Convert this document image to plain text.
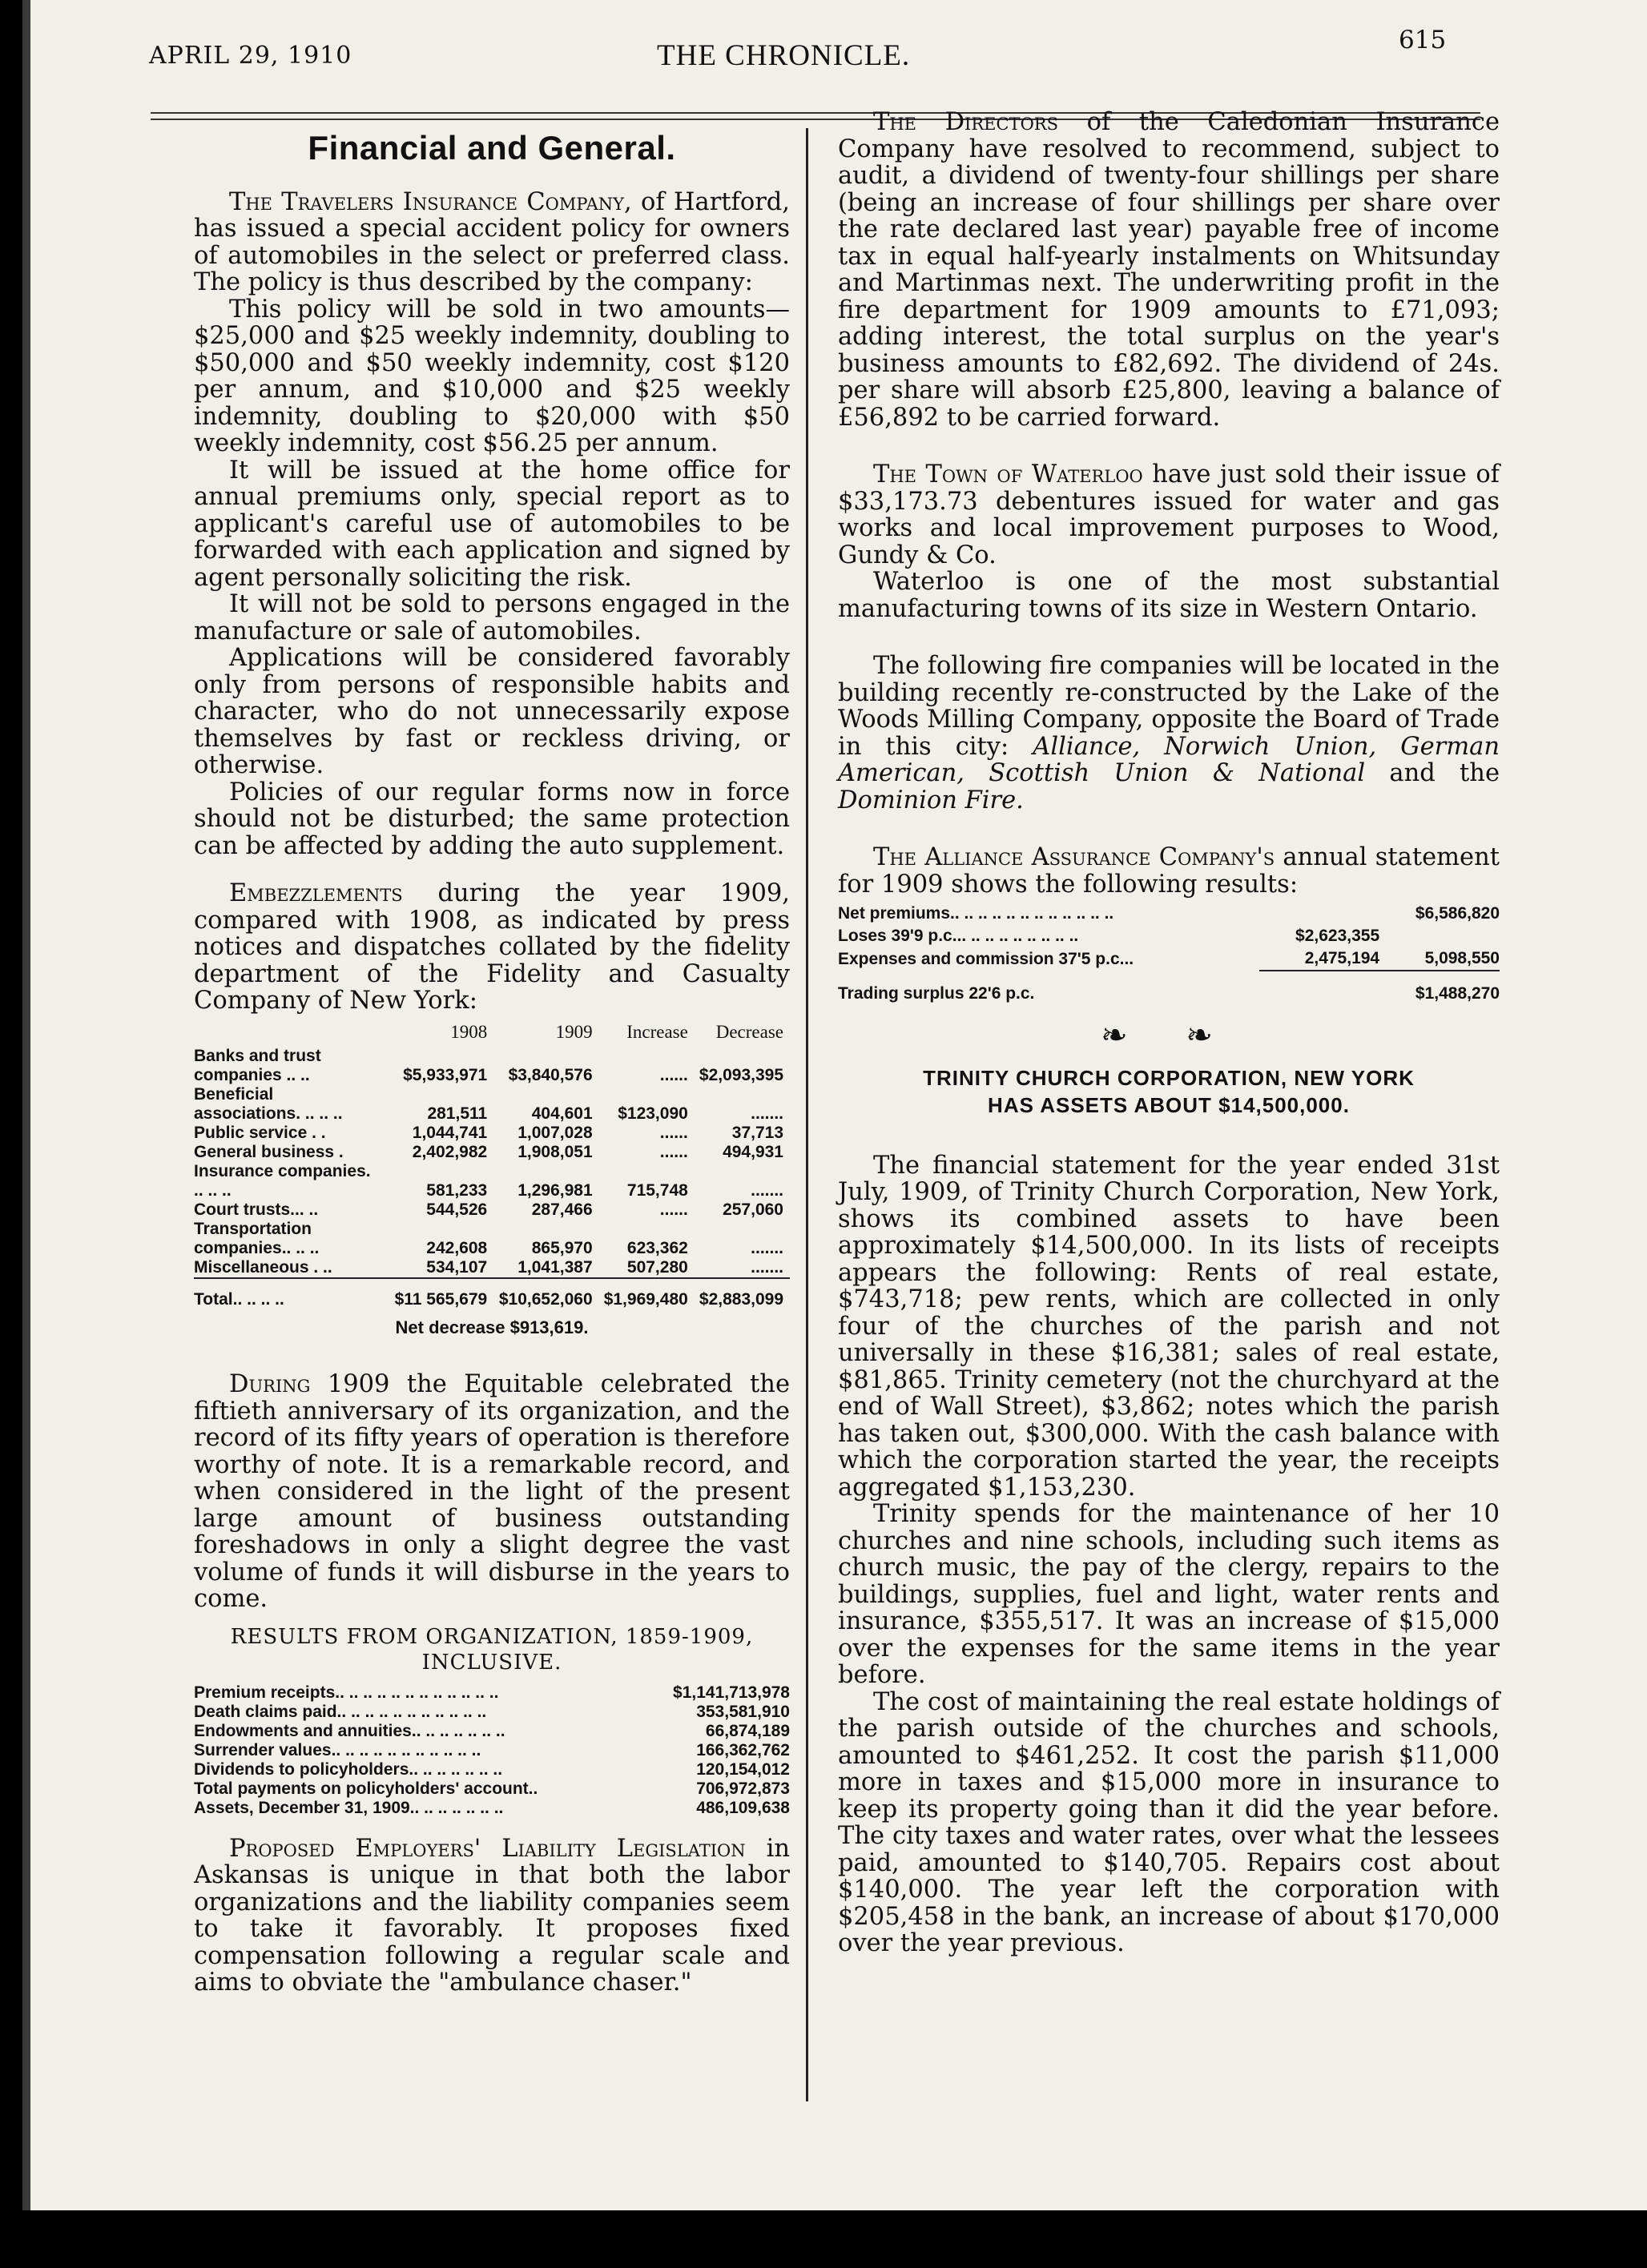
APRIL 29, 1910	THE CHRONICLE.	615

Financial and General.

The Travelers Insurance Company, of Hartford, has issued a special accident policy for owners of automobiles in the select or preferred class. The policy is thus described by the company:

This policy will be sold in two amounts—$25,000 and $25 weekly indemnity, doubling to $50,000 and $50 weekly indemnity, cost $120 per annum, and $10,000 and $25 weekly indemnity, doubling to $20,000 with $50 weekly indemnity, cost $56.25 per annum.

It will be issued at the home office for annual premiums only, special report as to applicant's careful use of automobiles to be forwarded with each application and signed by agent personally soliciting the risk.

It will not be sold to persons engaged in the manufacture or sale of automobiles.

Applications will be considered favorably only from persons of responsible habits and character, who do not unnecessarily expose themselves by fast or reckless driving, or otherwise.

Policies of our regular forms now in force should not be disturbed; the same protection can be affected by adding the auto supplement.

Embezzlements during the year 1909, compared with 1908, as indicated by press notices and dispatches collated by the fidelity department of the Fidelity and Casualty Company of New York:

	1908	1909	Increase	Decrease
Banks and trust companies .. ..	$5,933,971	$3,840,576	......	$2,093,395
Beneficial associations. .. .. ..	281,511	404,601	$123,090	.......
Public service . .	1,044,741	1,007,028	......	37,713
General business .	2,402,982	1,908,051	......	494,931
Insurance companies. .. .. ..	581,233	1,296,981	715,748	.......
Court trusts... ..	544,526	287,466	......	257,060
Transportation companies.. .. ..	242,608	865,970	623,362	.......
Miscellaneous . ..	534,107	1,041,387	507,280	.......
Total.. .. .. ..	$11 565,679	$10,652,060	$1,969,480	$2,883,099

Net decrease $913,619.

During 1909 the Equitable celebrated the fiftieth anniversary of its organization, and the record of its fifty years of operation is therefore worthy of note. It is a remarkable record, and when considered in the light of the present large amount of business outstanding foreshadows in only a slight degree the vast volume of funds it will disburse in the years to come.

RESULTS FROM ORGANIZATION, 1859-1909,
INCLUSIVE.

Premium receipts.. .. .. .. .. .. .. .. .. .. .. ..	$1,141,713,978
Death claims paid.. .. .. .. .. .. .. .. .. .. ..	353,581,910
Endowments and annuities.. .. .. .. .. .. ..	66,874,189
Surrender values.. .. .. .. .. .. .. .. .. .. ..	166,362,762
Dividends to policyholders.. .. .. .. .. .. ..	120,154,012
Total payments on policyholders' account..	706,972,873
Assets, December 31, 1909.. .. .. .. .. .. ..	486,109,638

Proposed Employers' Liability Legislation in Askansas is unique in that both the labor organizations and the liability companies seem to take it favorably. It proposes fixed compensation following a regular scale and aims to obviate the "ambulance chaser."

The Directors of the Caledonian Insurance Company have resolved to recommend, subject to audit, a dividend of twenty-four shillings per share (being an increase of four shillings per share over the rate declared last year) payable free of income tax in equal half-yearly instalments on Whitsunday and Martinmas next. The underwriting profit in the fire department for 1909 amounts to £71,093; adding interest, the total surplus on the year's business amounts to £82,692. The dividend of 24s. per share will absorb £25,800, leaving a balance of £56,892 to be carried forward.

The Town of Waterloo have just sold their issue of $33,173.73 debentures issued for water and gas works and local improvement purposes to Wood, Gundy & Co.

Waterloo is one of the most substantial manufacturing towns of its size in Western Ontario.

The following fire companies will be located in the building recently re-constructed by the Lake of the Woods Milling Company, opposite the Board of Trade in this city: Alliance, Norwich Union, German American, Scottish Union & National and the Dominion Fire.

The Alliance Assurance Company's annual statement for 1909 shows the following results:

Net premiums.. .. .. .. .. .. .. .. .. .. .. ..		$6,586,820
Loses 39'9 p.c... .. .. .. .. .. .. .. ..	$2,623,355	
Expenses and commission 37'5 p.c...	2,475,194	5,098,550
Trading surplus 22'6 p.c.		$1,488,270

❧ ❧

TRINITY CHURCH CORPORATION, NEW YORK
HAS ASSETS ABOUT $14,500,000.

The financial statement for the year ended 31st July, 1909, of Trinity Church Corporation, New York, shows its combined assets to have been approximately $14,500,000. In its lists of receipts appears the following: Rents of real estate, $743,718; pew rents, which are collected in only four of the churches of the parish and not universally in these $16,381; sales of real estate, $81,865. Trinity cemetery (not the churchyard at the end of Wall Street), $3,862; notes which the parish has taken out, $300,000. With the cash balance with which the corporation started the year, the receipts aggregated $1,153,230.

Trinity spends for the maintenance of her 10 churches and nine schools, including such items as church music, the pay of the clergy, repairs to the buildings, supplies, fuel and light, water rents and insurance, $355,517. It was an increase of $15,000 over the expenses for the same items in the year before.

The cost of maintaining the real estate holdings of the parish outside of the churches and schools, amounted to $461,252. It cost the parish $11,000 more in taxes and $15,000 more in insurance to keep its property going than it did the year before. The city taxes and water rates, over what the lessees paid, amounted to $140,705. Repairs cost about $140,000. The year left the corporation with $205,458 in the bank, an increase of about $170,000 over the year previous.
